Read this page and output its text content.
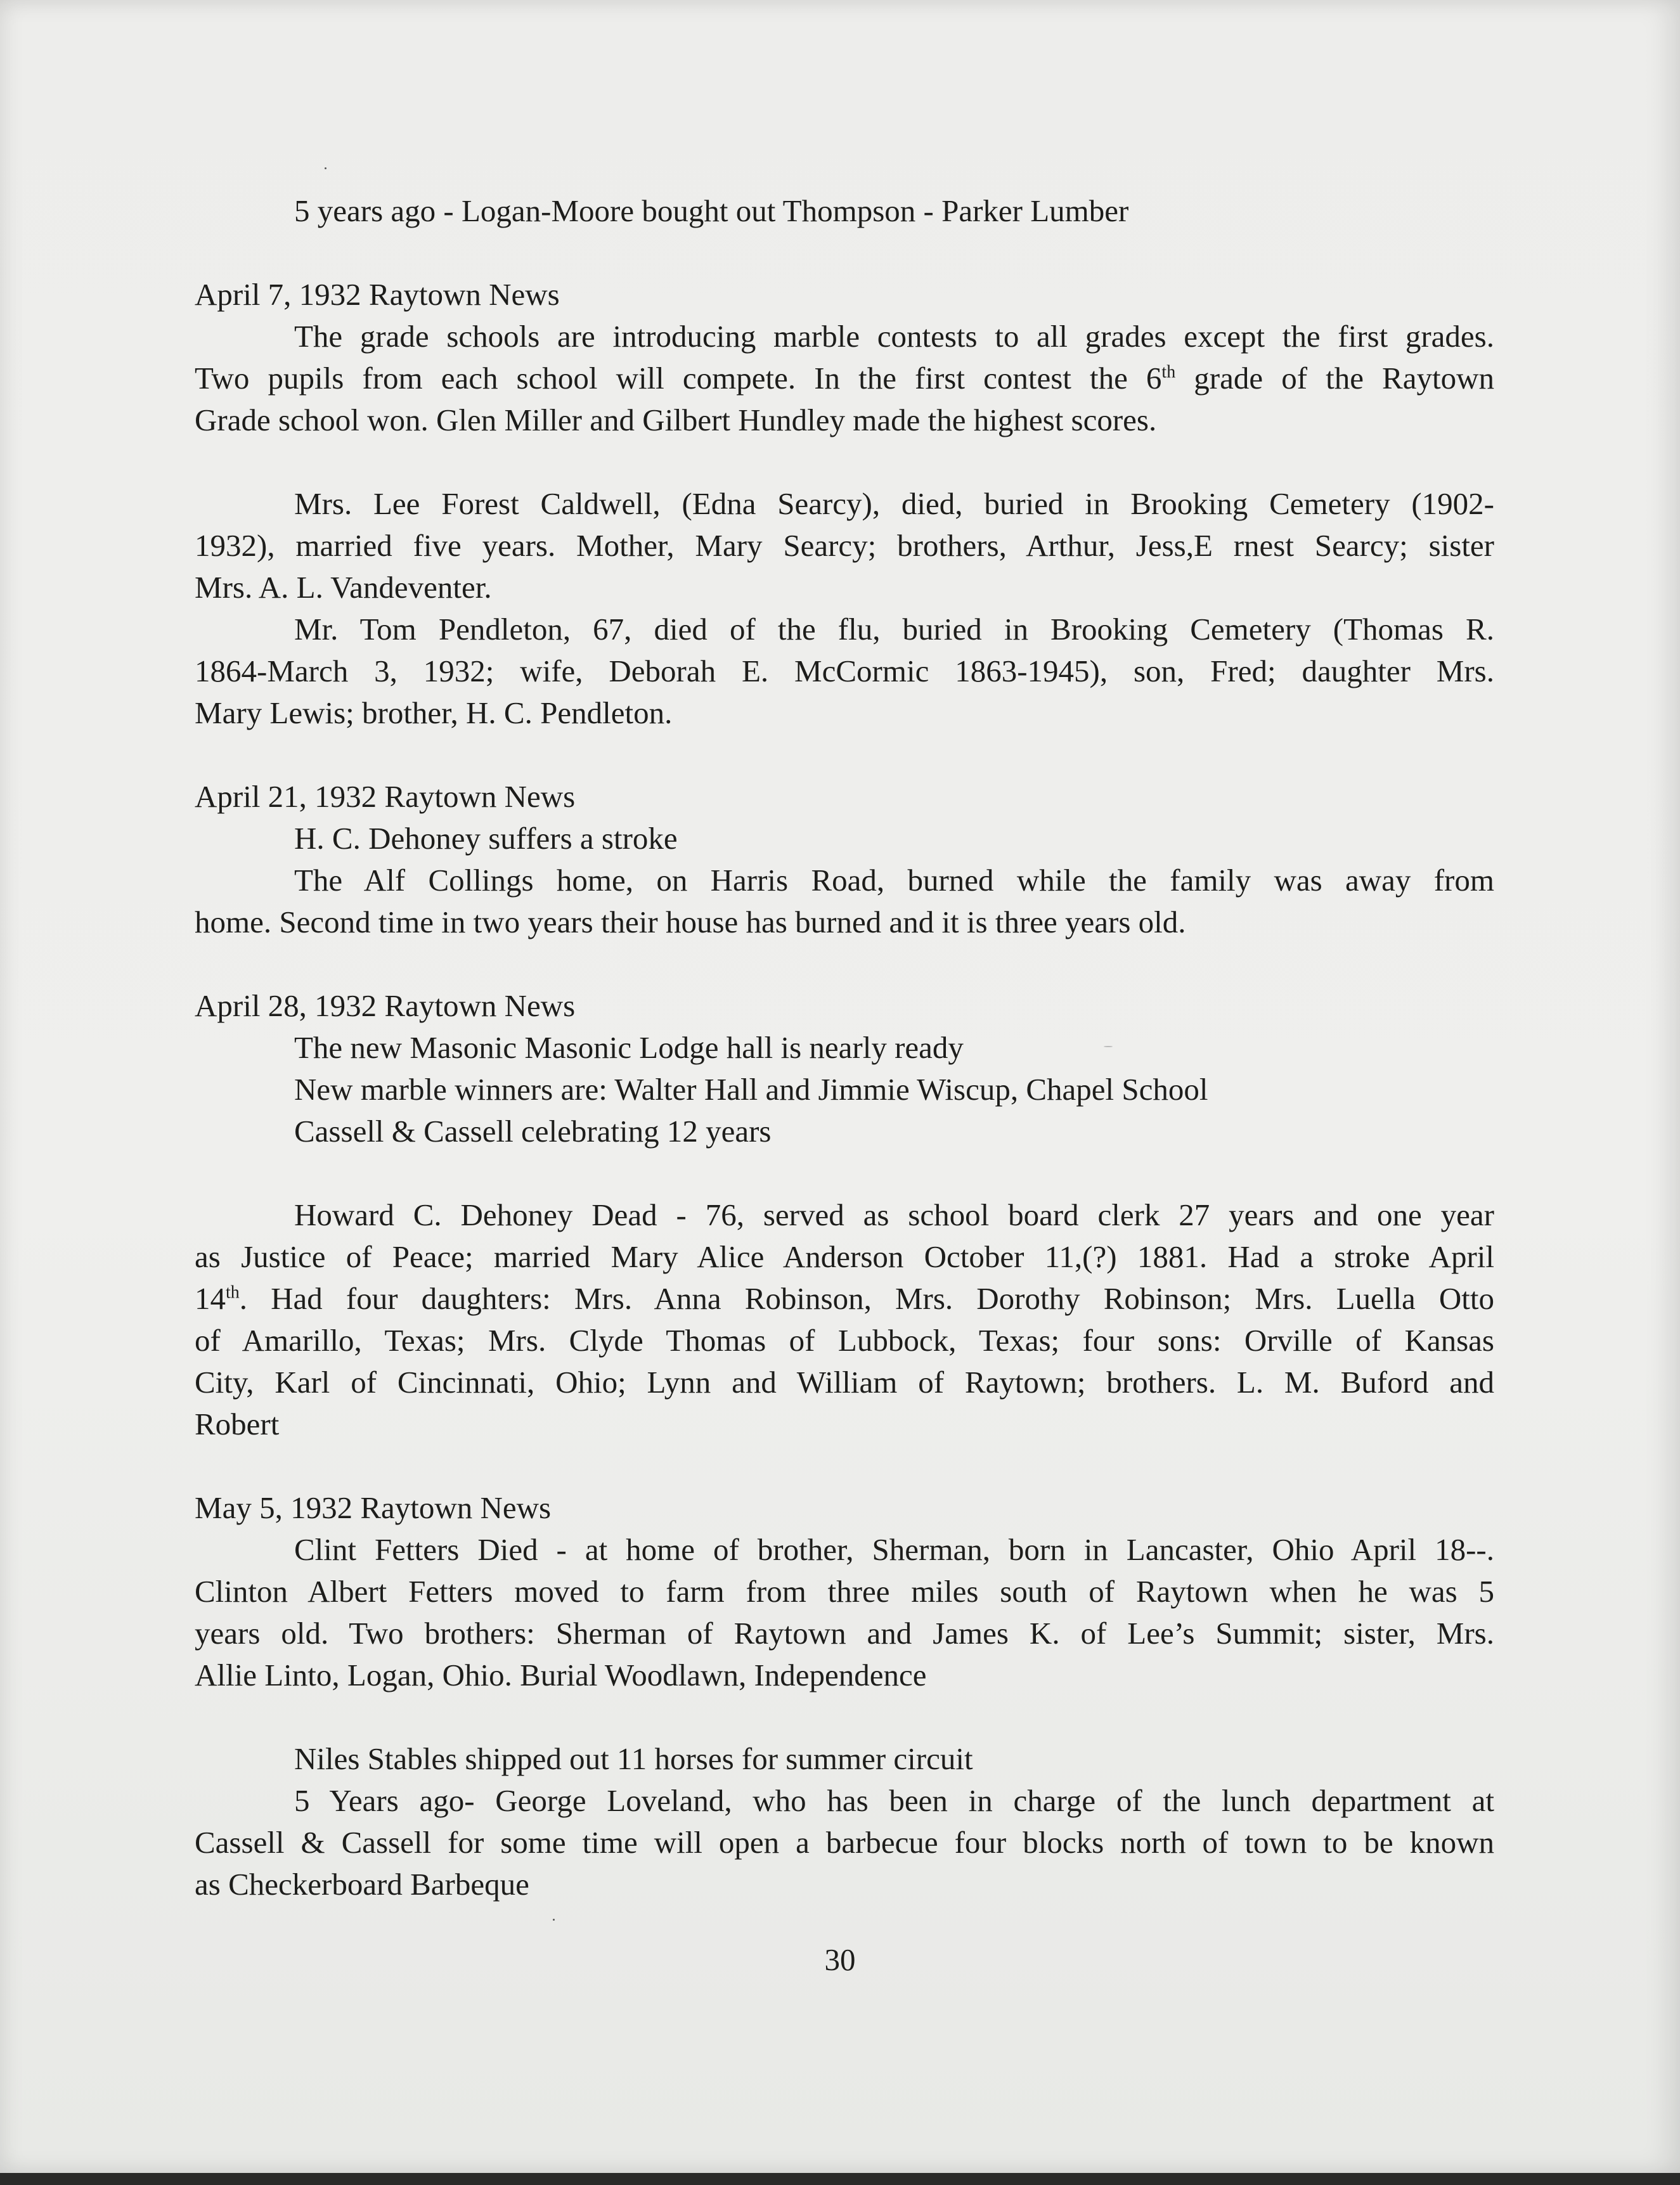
5 years ago - Logan-Moore bought out Thompson - Parker Lumber
April 7, 1932 Raytown News
The grade schools are introducing marble contests to all grades except the first grades.
Two pupils from each school will compete. In the first contest the 6th grade of the Raytown
Grade school won. Glen Miller and Gilbert Hundley made the highest scores.
Mrs. Lee Forest Caldwell, (Edna Searcy), died, buried in Brooking Cemetery (1902-
1932), married five years. Mother, Mary Searcy; brothers, Arthur, Jess,E rnest Searcy; sister
Mrs. A. L. Vandeventer.
Mr. Tom Pendleton, 67, died of the flu, buried in Brooking Cemetery (Thomas R.
1864-March 3, 1932; wife, Deborah E. McCormic 1863-1945), son, Fred; daughter Mrs.
Mary Lewis; brother, H. C. Pendleton.
April 21, 1932 Raytown News
H. C. Dehoney suffers a stroke
The Alf Collings home, on Harris Road, burned while the family was away from
home. Second time in two years their house has burned and it is three years old.
April 28, 1932 Raytown News
The new Masonic Masonic Lodge hall is nearly ready
New marble winners are: Walter Hall and Jimmie Wiscup, Chapel School
Cassell & Cassell celebrating 12 years
Howard C. Dehoney Dead - 76, served as school board clerk 27 years and one year
as Justice of Peace; married Mary Alice Anderson October 11,(?) 1881. Had a stroke April
14th. Had four daughters: Mrs. Anna Robinson, Mrs. Dorothy Robinson; Mrs. Luella Otto
of Amarillo, Texas; Mrs. Clyde Thomas of Lubbock, Texas; four sons: Orville of Kansas
City, Karl of Cincinnati, Ohio; Lynn and William of Raytown; brothers. L. M. Buford and
Robert
May 5, 1932 Raytown News
Clint Fetters Died - at home of brother, Sherman, born in Lancaster, Ohio April 18--.
Clinton Albert Fetters moved to farm from three miles south of Raytown when he was 5
years old. Two brothers: Sherman of Raytown and James K. of Lee’s Summit; sister, Mrs.
Allie Linto, Logan, Ohio. Burial Woodlawn, Independence
Niles Stables shipped out 11 horses for summer circuit
5 Years ago- George Loveland, who has been in charge of the lunch department at
Cassell & Cassell for some time will open a barbecue four blocks north of town to be known
as Checkerboard Barbeque
30
